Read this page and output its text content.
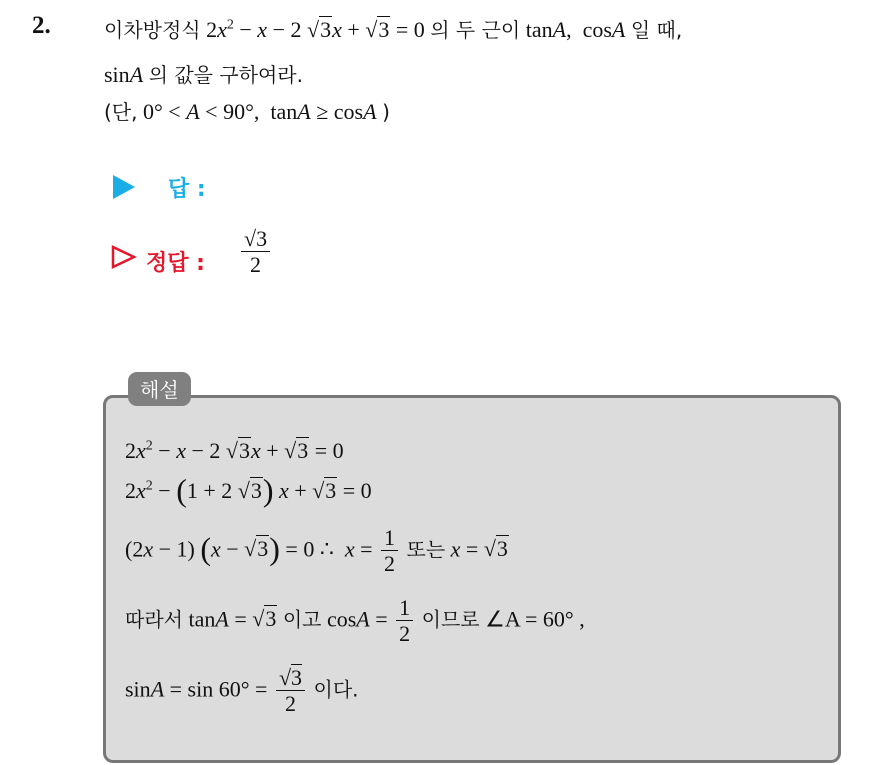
2.	이차방정식 $2x^2 - x - 2$ √3x + √3 = 0 의 두 근이 tanA,  cosA 일 때,
sinA 의 값을 구하여라.
(단, 0° < A < 90°,  tanA ≥ cosA )
답 :
정답 : $\frac{√3}{2}$
해설
$2x^2 - x - 2$ √3x + √3 = 0
$2x^2 - (1 + 2$ √3) x + √3 = 0
(2x − 1) (x − √3) = 0 ∴  $x = \frac{1}{2}$ 또는 x = √3
따라서 tanA = √3 이고 $\cos A = \frac{1}{2}$ 이므로 ∠A = 60° ,
$\sin A = \sin 60^\circ = \frac{√3}{2}$ 이다.
